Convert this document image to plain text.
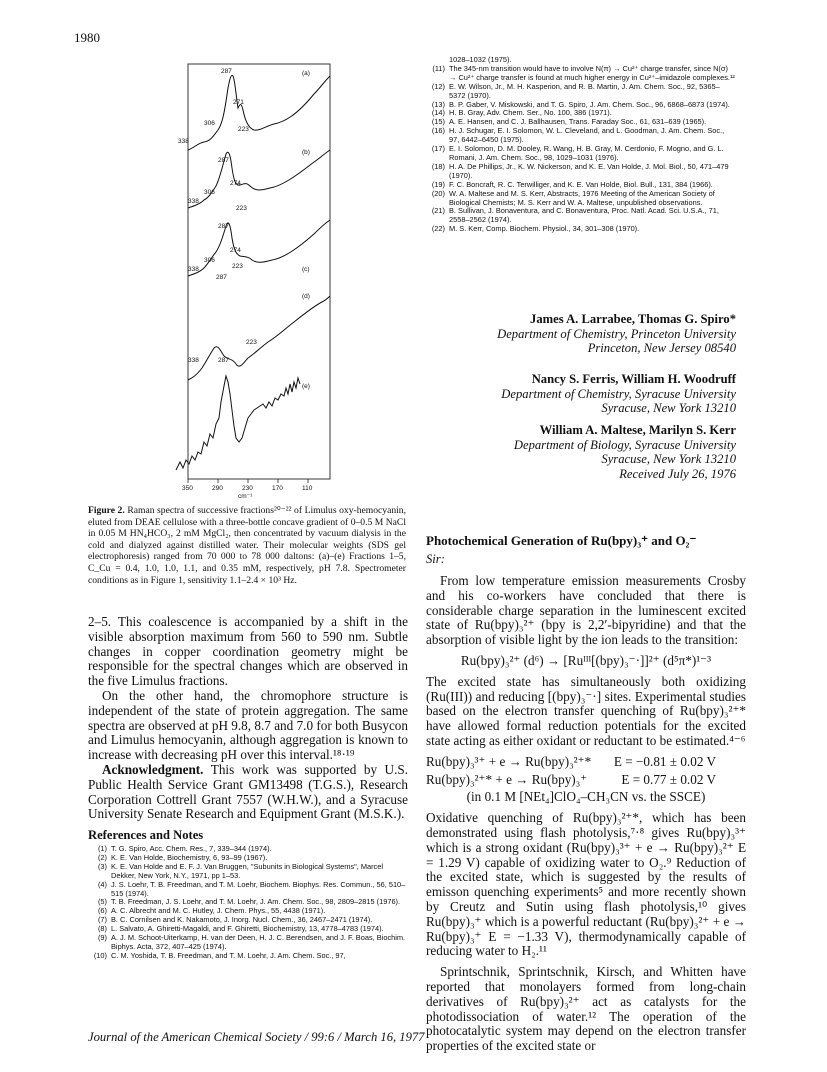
1980
(a)
(b)
(c)
(d)
(e)
287
271
306
338
223
287
274
306
338
223
287
274
306
338	223
287
223
338	287
350	290	230	170	110
cm⁻¹
Figure 2. Raman spectra of successive fractions²⁰⁻²² of Limulus oxy-hemocyanin, eluted from DEAE cellulose with a three-bottle concave gradient of 0–0.5 M NaCl in 0.05 M HN₄HCO₃, 2 mM MgCl₂, then concentrated by vacuum dialysis in the cold and dialyzed against distilled water. Their molecular weights (SDS gel electrophoresis) ranged from 70 000 to 78 000 daltons: (a)–(e) Fractions 1–5, C_Cu = 0.4, 1.0, 1.0, 1.1, and 0.35 mM, respectively, pH 7.8. Spectrometer conditions as in Figure 1, sensitivity 1.1–2.4 × 10³ Hz.

2–5. This coalescence is accompanied by a shift in the visible absorption maximum from 560 to 590 nm. Subtle changes in copper coordination geometry might be responsible for the spectral changes which are observed in the five Limulus fractions.

On the other hand, the chromophore structure is independent of the state of protein aggregation. The same spectra are observed at pH 9.8, 8.7 and 7.0 for both Busycon and Limulus hemocyanin, although aggregation is known to increase with decreasing pH over this interval.¹⁸·¹⁹

Acknowledgment. This work was supported by U.S. Public Health Service Grant GM13498 (T.G.S.), Research Corporation Cottrell Grant 7557 (W.H.W.), and a Syracuse University Senate Research and Equipment Grant (M.S.K.).

References and Notes
(1) T. G. Spiro, Acc. Chem. Res., 7, 339–344 (1974).
(2) K. E. Van Holde, Biochemistry, 6, 93–99 (1967).
(3) K. E. Van Holde and E. F. J. Van Bruggen, "Subunits in Biological Systems", Marcel Dekker, New York, N.Y., 1971, pp 1–53.
(4) J. S. Loehr, T. B. Freedman, and T. M. Loehr, Biochem. Biophys. Res. Commun., 56, 510–515 (1974).
(5) T. B. Freedman, J. S. Loehr, and T. M. Loehr, J. Am. Chem. Soc., 98, 2809–2815 (1976).
(6) A. C. Albrecht and M. C. Hutley, J. Chem. Phys., 55, 4438 (1971).
(7) B. C. Cornilsen and K. Nakamoto, J. Inorg. Nucl. Chem., 36, 2467–2471 (1974).
(8) L. Salvato, A. Ghiretti-Magaldi, and F. Ghiretti, Biochemistry, 13, 4778–4783 (1974).
(9) A. J. M. Schoot-Uiterkamp, H. van der Deen, H. J. C. Berendsen, and J. F. Boas, Biochim. Biphys. Acta, 372, 407–425 (1974).
(10) C. M. Yoshida, T. B. Freedman, and T. M. Loehr, J. Am. Chem. Soc., 97,
1028–1032 (1975).
(11) The 345-nm transition would have to involve N(π) → Cu²⁺ charge transfer, since N(σ) → Cu²⁺ charge transfer is found at much higher energy in Cu²⁺–imidazole complexes.¹²
(12) E. W. Wilson, Jr., M. H. Kasperion, and R. B. Martin, J. Am. Chem. Soc., 92, 5365–5372 (1970).
(13) B. P. Gaber, V. Miskowski, and T. G. Spiro, J. Am. Chem. Soc., 96, 6868–6873 (1974).
(14) H. B. Gray, Adv. Chem. Ser., No. 100, 386 (1971).
(15) A. E. Hansen, and C. J. Ballhausen, Trans. Faraday Soc., 61, 631–639 (1965).
(16) H. J. Schugar, E. I. Solomon, W. L. Cleveland, and L. Goodman, J. Am. Chem. Soc., 97, 6442–6450 (1975).
(17) E. I. Solomon, D. M. Dooley, R. Wang, H. B. Gray, M. Cerdonio, F. Mogno, and G. L. Romani, J. Am. Chem. Soc., 98, 1029–1031 (1976).
(18) H. A. De Phillips, Jr., K. W. Nickerson, and K. E. Van Holde, J. Mol. Biol., 50, 471–479 (1970).
(19) F. C. Boncraft, R. C. Terwilliger, and K. E. Van Holde, Biol. Bull., 131, 384 (1966).
(20) W. A. Maltese and M. S. Kerr, Abstracts, 1976 Meeting of the American Society of Biological Chemists; M. S. Kerr and W. A. Maltese, unpublished observations.
(21) B. Sullivan, J. Bonaventura, and C. Bonaventura, Proc. Natl. Acad. Sci. U.S.A., 71, 2558–2562 (1974).
(22) M. S. Kerr, Comp. Biochem. Physiol., 34, 301–308 (1970).
James A. Larrabee, Thomas G. Spiro*
Department of Chemistry, Princeton University
Princeton, New Jersey 08540
Nancy S. Ferris, William H. Woodruff
Department of Chemistry, Syracuse University
Syracuse, New York 13210
William A. Maltese, Marilyn S. Kerr
Department of Biology, Syracuse University
Syracuse, New York 13210
Received July 26, 1976
Photochemical Generation of Ru(bpy)₃⁺ and O₂⁻
Sir:

From low temperature emission measurements Crosby and his co-workers have concluded that there is considerable charge separation in the luminescent excited state of Ru(bpy)₃²⁺ (bpy is 2,2′-bipyridine) and that the absorption of visible light by the ion leads to the transition:

Ru(bpy)₃²⁺ (d⁶) → [Ruᴵᴵᴵ[(bpy)₃⁻·]]²⁺ (d⁵π*)¹⁻³

The excited state has simultaneously both oxidizing (Ru(III)) and reducing [(bpy)₃⁻·] sites. Experimental studies based on the electron transfer quenching of Ru(bpy)₃²⁺* have allowed formal reduction potentials for the excited state acting as either oxidant or reductant to be estimated.⁴⁻⁶

Ru(bpy)₃³⁺ + e → Ru(bpy)₃²⁺* E = −0.81 ± 0.02 V
Ru(bpy)₃²⁺* + e → Ru(bpy)₃⁺	E = 0.77 ± 0.02 V

(in 0.1 M [NEt₄]ClO₄–CH₃CN vs. the SSCE)

Oxidative quenching of Ru(bpy)₃²⁺*, which has been demonstrated using flash photolysis,⁷·⁸ gives Ru(bpy)₃³⁺ which is a strong oxidant (Ru(bpy)₃³⁺ + e → Ru(bpy)₃²⁺ E = 1.29 V) capable of oxidizing water to O₂.⁹ Reduction of the excited state, which is suggested by the results of emisson quenching experiments⁵ and more recently shown by Creutz and Sutin using flash photolysis,¹⁰ gives Ru(bpy)₃⁺ which is a powerful reductant (Ru(bpy)₃²⁺ + e → Ru(bpy)₃⁺ E = −1.33 V), thermodynamically capable of reducing water to H₂.¹¹

Sprintschnik, Sprintschnik, Kirsch, and Whitten have reported that monolayers formed from long-chain derivatives of Ru(bpy)₃²⁺ act as catalysts for the photodissociation of water.¹² The operation of the photocatalytic system may depend on the electron transfer properties of the excited state or

Journal of the American Chemical Society / 99:6 / March 16, 1977
